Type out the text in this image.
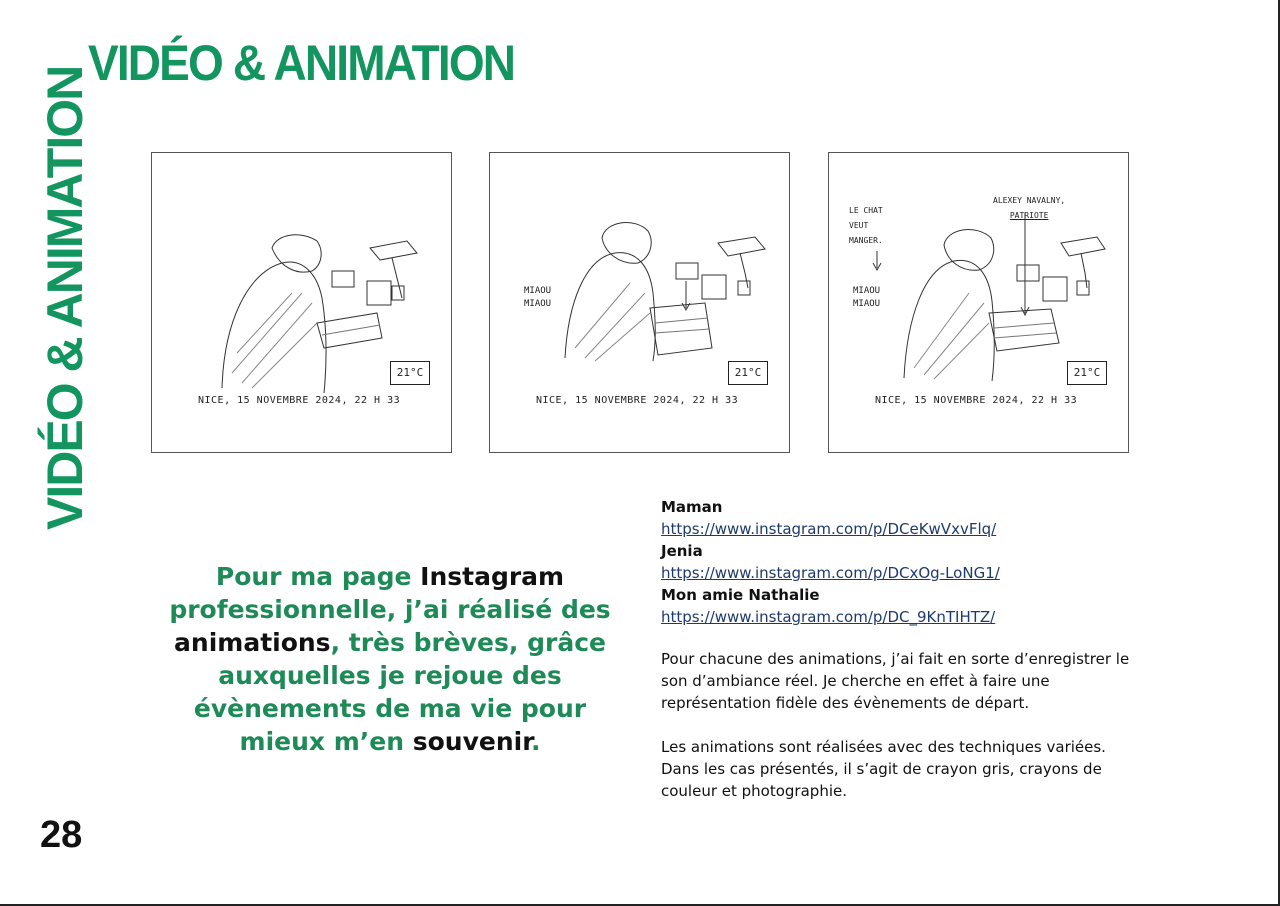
VIDÉO & ANIMATION
VIDÉO & ANIMATION	21°C
NICE, 15 NOVEMBRE 2024, 22 H 33
MIAOU
MIAOU
21°C
NICE, 15 NOVEMBRE 2024, 22 H 33
LE CHAT
VEUT
MANGER.
ALEXEY NAVALNY,
PATRIOTE
MIAOU
MIAOU
21°C
NICE, 15 NOVEMBRE 2024, 22 H 33
Pour ma page Instagram professionnelle, j’ai réalisé des animations, très brèves, grâce auxquelles je rejoue des évènements de ma vie pour mieux m’en souvenir.
Maman
https://www.instagram.com/p/DCeKwVxvFlq/
Jenia
https://www.instagram.com/p/DCxOg-LoNG1/
Mon amie Nathalie
https://www.instagram.com/p/DC_9KnTIHTZ/
Pour chacune des animations, j’ai fait en sorte d’enregistrer le son d’ambiance réel. Je cherche en effet à faire une représentation fidèle des évènements de départ.
Les animations sont réalisées avec des techniques variées. Dans les cas présentés, il s’agit de crayon gris, crayons de couleur et photographie.
28
